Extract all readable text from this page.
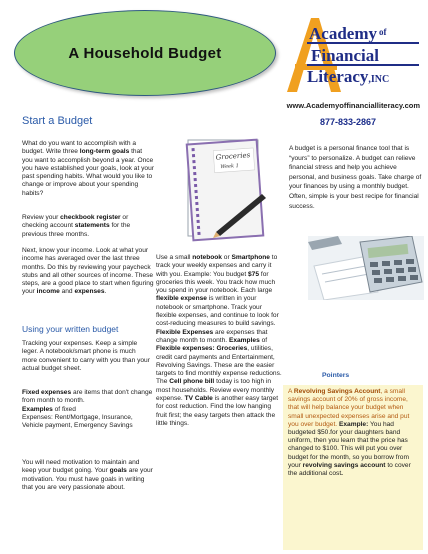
A Household Budget
Academy $^{of}$
Financial
Literacy,INC
www.Academyoffinancialliteracy.com
877-833-2867
Start a Budget
What do you want to accomplish with a budget. Write three long-term goals that you want to accomplish beyond a year. Once you have established your goals, look at your past spending habits. What would you like to change or improve about your spending habits?
Review your checkbook register or checking account statements for the previous three months.
Next, know your income. Look at what your income has averaged over the last three months. Do this by reviewing your paycheck stubs and all other sources of income. These steps, are a good place to start when figuring your income and expenses.
Using your written budget
Tracking your expenses. Keep a simple leger. A notebook/smart phone is much more convenient to carry with you than your actual budget sheet.
Fixed expenses are items that don't change from month to month.
Examples of fixed
Expenses: Rent/Mortgage, Insurance, Vehicle payment, Emergency Savings
You will need motivation to maintain and keep your budget going. Your goals are your motivation. You must have goals in writing that you are very passionate about.
Groceries
Week 1
Use a small notebook or Smartphone to track your weekly expenses and carry it with you. Example: You budget $75 for groceries this week. You track how much you spend in your notebook. Each large flexible expense is written in your notebook or smartphone. Track your flexible expenses, and continue to look for cost-reducing measures to build savings. Flexible Expenses are expenses that change month to month. Examples of Flexible expenses: Groceries, utilities, credit card payments and Entertainment, Revolving Savings. These are the easier targets to find monthly expense reductions. The Cell phone bill today is too high in most households. Review every monthly expense. TV Cable is another easy target for cost reduction. Find the low hanging fruit first; the easy targets then attack the little things.
A budget is a personal finance tool that is “yours” to personalize. A budget can relieve financial stress and help you achieve personal, and business goals. Take charge of your finances by using a monthly budget. Often, simple is your best recipe for financial success.
Pointers
A Revolving Savings Account, a small savings account of 20% of gross income, that will help balance your budget when small unexpected expenses arise and put you over budget. Example: You had budgeted $50.for your daughters band uniform, then you learn that the price has changed to $100. This will put you over budget for the month, so you borrow from your revolving savings account to cover the additional cost.
